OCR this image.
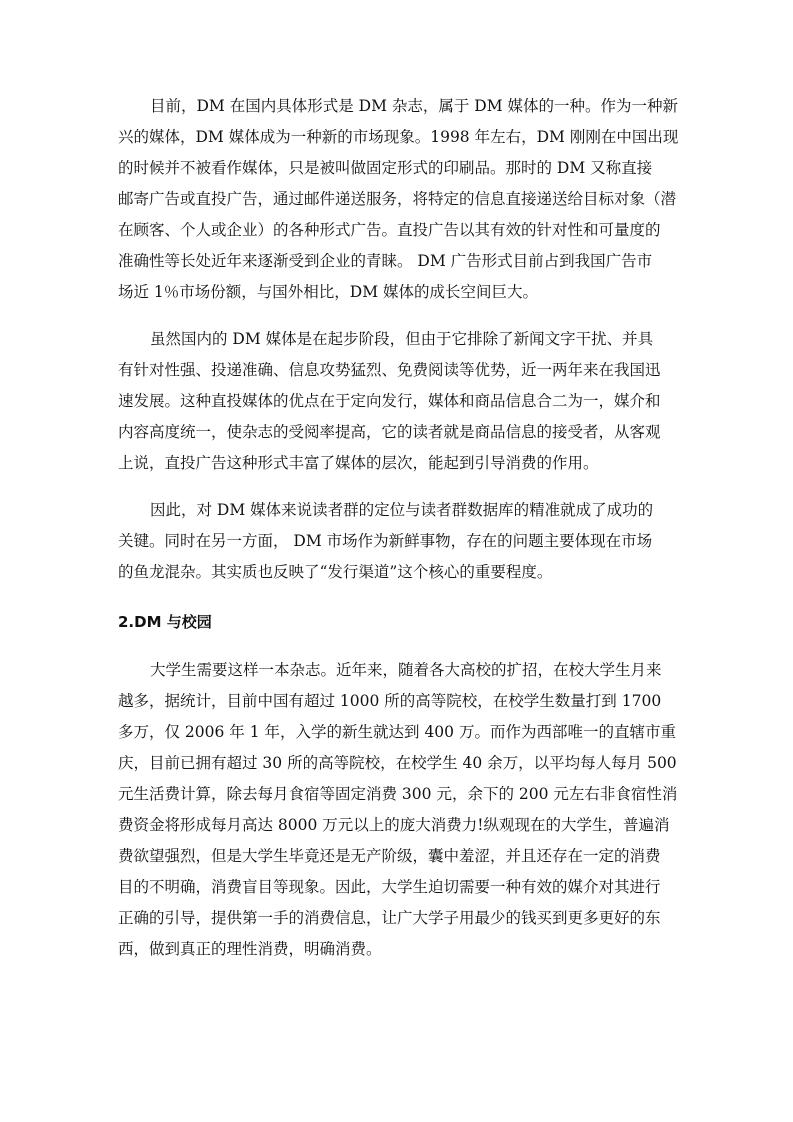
目前，DM 在国内具体形式是 DM 杂志，属于 DM 媒体的一种。作为一种新
兴的媒体，DM 媒体成为一种新的市场现象。1998 年左右，DM 刚刚在中国出现
的时候并不被看作媒体，只是被叫做固定形式的印刷品。那时的 DM 又称直接
邮寄广告或直投广告，通过邮件递送服务，将特定的信息直接递送给目标对象（潜
在顾客、个人或企业）的各种形式广告。直投广告以其有效的针对性和可量度的
准确性等长处近年来逐渐受到企业的青睐。 DM 广告形式目前占到我国广告市
场近 1％市场份额，与国外相比，DM 媒体的成长空间巨大。
虽然国内的 DM 媒体是在起步阶段，但由于它排除了新闻文字干扰、并具
有针对性强、投递准确、信息攻势猛烈、免费阅读等优势，近一两年来在我国迅
速发展。这种直投媒体的优点在于定向发行，媒体和商品信息合二为一，媒介和
内容高度统一，使杂志的受阅率提高，它的读者就是商品信息的接受者，从客观
上说，直投广告这种形式丰富了媒体的层次，能起到引导消费的作用。
因此，对 DM 媒体来说读者群的定位与读者群数据库的精准就成了成功的
关键。同时在另一方面， DM 市场作为新鲜事物，存在的问题主要体现在市场
的鱼龙混杂。其实质也反映了“发行渠道”这个核心的重要程度。
2.DM 与校园
大学生需要这样一本杂志。近年来，随着各大高校的扩招，在校大学生月来
越多，据统计，目前中国有超过 1000 所的高等院校，在校学生数量打到 1700
多万，仅 2006 年 1 年，入学的新生就达到 400 万。而作为西部唯一的直辖市重
庆，目前已拥有超过 30 所的高等院校，在校学生 40 余万，以平均每人每月 500
元生活费计算，除去每月食宿等固定消费 300 元，余下的 200 元左右非食宿性消
费资金将形成每月高达 8000 万元以上的庞大消费力!纵观现在的大学生，普遍消
费欲望强烈，但是大学生毕竟还是无产阶级，囊中羞涩，并且还存在一定的消费
目的不明确，消费盲目等现象。因此，大学生迫切需要一种有效的媒介对其进行
正确的引导，提供第一手的消费信息，让广大学子用最少的钱买到更多更好的东
西，做到真正的理性消费，明确消费。
